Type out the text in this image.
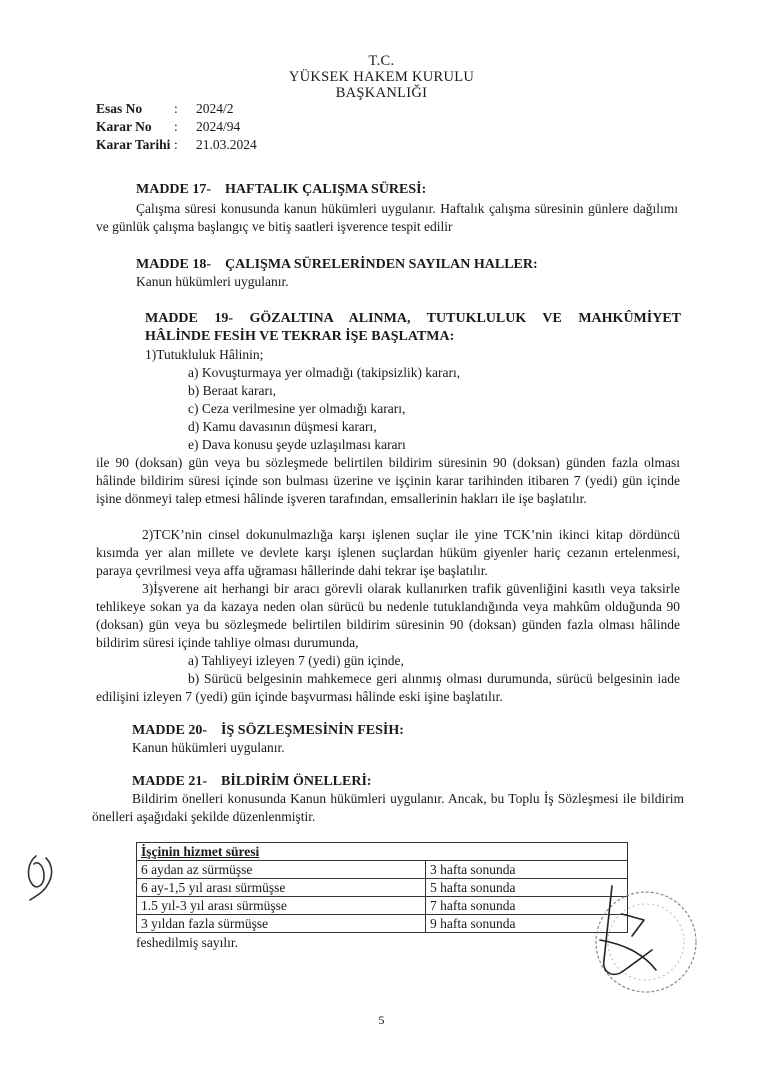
T.C.
YÜKSEK HAKEM KURULU
BAŞKANLIĞI
Esas No	:	2024/2
Karar No	:	2024/94
Karar Tarihi :	21.03.2024
MADDE 17-    HAFTALIK ÇALIŞMA SÜRESİ:
Çalışma süresi konusunda kanun hükümleri uygulanır. Haftalık çalışma süresinin günlere dağılımı ve günlük çalışma başlangıç ve bitiş saatleri işverence tespit edilir
MADDE 18-    ÇALIŞMA SÜRELERİNDEN SAYILAN HALLER:
Kanun hükümleri uygulanır.
MADDE 19- GÖZALTINA ALINMA, TUTUKLULUK VE MAHKÛMİYET
HÂLİNDE FESİH VE TEKRAR İŞE BAŞLATMA:
1)Tutukluluk Hâlinin;
a) Kovuşturmaya yer olmadığı (takipsizlik) kararı,
b) Beraat kararı,
c) Ceza verilmesine yer olmadığı kararı,
d) Kamu davasının düşmesi kararı,
e) Dava konusu şeyde uzlaşılması kararı
ile 90 (doksan) gün veya bu sözleşmede belirtilen bildirim süresinin 90 (doksan) günden fazla olması hâlinde bildirim süresi içinde son bulması üzerine ve işçinin karar tarihinden itibaren 7 (yedi) gün içinde işine dönmeyi talep etmesi hâlinde işveren tarafından, emsallerinin hakları ile işe başlatılır.
2)TCK’nin cinsel dokunulmazlığa karşı işlenen suçlar ile yine TCK’nin ikinci kitap dördüncü kısımda yer alan millete ve devlete karşı işlenen suçlardan hüküm giyenler hariç cezanın ertelenmesi, paraya çevrilmesi veya affa uğraması hâllerinde dahi tekrar işe başlatılır.
3)İşverene ait herhangi bir aracı görevli olarak kullanırken trafik güvenliğini kasıtlı veya taksirle tehlikeye sokan ya da kazaya neden olan sürücü bu nedenle tutuklandığında veya mahkûm olduğunda 90 (doksan) gün veya bu sözleşmede belirtilen bildirim süresinin 90 (doksan) günden fazla olması hâlinde bildirim süresi içinde tahliye olması durumunda,
a) Tahliyeyi izleyen 7 (yedi) gün içinde,
b) Sürücü belgesinin mahkemece geri alınmış olması durumunda, sürücü belgesinin iade edilişini izleyen 7 (yedi) gün içinde başvurması hâlinde eski işine başlatılır.
MADDE 20-    İŞ SÖZLEŞMESİNİN FESİH:
Kanun hükümleri uygulanır.
MADDE 21-    BİLDİRİM ÖNELLERİ:
Bildirim önelleri konusunda Kanun hükümleri uygulanır. Ancak, bu Toplu İş Sözleşmesi ile bildirim önelleri aşağıdaki şekilde düzenlenmiştir.
İşçinin hizmet süresi	
6 aydan az sürmüşse	3 hafta sonunda
6 ay-1,5 yıl arası sürmüşse	5 hafta sonunda
1.5 yıl-3 yıl arası sürmüşse	7 hafta sonunda
3 yıldan fazla sürmüşse	9 hafta sonunda
feshedilmiş sayılır.
5
